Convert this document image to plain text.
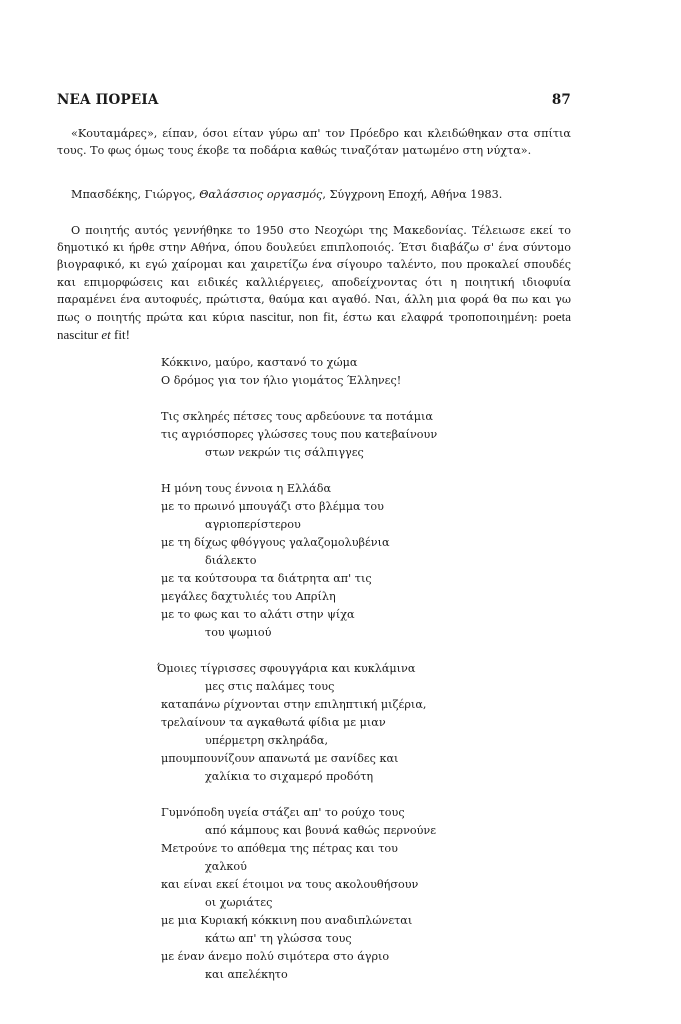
ΝΕΑ ΠΟΡΕΙΑ	87

«Κουταμάρες», είπαν, όσοι είταν γύρω απ' τον Πρόεδρο και κλειδώθηκαν στα σπίτια τους. Το φως όμως τους έκοβε τα ποδάρια καθώς τιναζόταν ματωμένο στη νύχτα».

Μπασδέκης, Γιώργος, Θαλάσσιος οργασμός, Σύγχρονη Εποχή, Αθήνα 1983.

Ο ποιητής αυτός γεννήθηκε το 1950 στο Νεοχώρι της Μακεδονίας. Τέλειωσε εκεί το δημοτικό κι ήρθε στην Αθήνα, όπου δουλεύει επιπλοποιός. Έτσι διαβάζω σ' ένα σύντομο βιογραφικό, κι εγώ χαίρομαι και χαιρετίζω ένα σίγουρο ταλέντο, που προκαλεί σπουδές και επιμορφώσεις και ειδικές καλλιέργειες, αποδείχνοντας ότι η ποιητική ιδιοφυία παραμένει ένα αυτοφυές, πρώτιστα, θαύμα και αγαθό. Ναι, άλλη μια φορά θα πω και γω πως ο ποιητής πρώτα και κύρια nascitur, non fit, έστω και ελαφρά τροποποιημένη: poeta nascitur et fit!

Κόκκινο, μαύρο, καστανό το χώμα
Ο δρόμος για τον ήλιο γιομάτος Έλληνες!
Τις σκληρές πέτσες τους αρδεύουνε τα ποτάμια
τις αγριόσπορες γλώσσες τους που κατεβαίνουν
στων νεκρών τις σάλπιγγες
Η μόνη τους έννοια η Ελλάδα
με το πρωινό μπουγάζι στο βλέμμα του
αγριοπερίστερου
με τη δίχως φθόγγους γαλαζομολυβένια
διάλεκτο
με τα κούτσουρα τα διάτρητα απ' τις
μεγάλες δαχτυλιές του Απρίλη
με το φως και το αλάτι στην ψίχα
του ψωμιού
Όμοιες τίγρισσες σφουγγάρια και κυκλάμινα
μες στις παλάμες τους
καταπάνω ρίχνονται στην επιληπτική μιζέρια,
τρελαίνουν τα αγκαθωτά φίδια με μιαν
υπέρμετρη σκληράδα,
μπουμπουνίζουν απανωτά με σανίδες και
χαλίκια το σιχαμερό προδότη
Γυμνόποδη υγεία στάζει απ' το ρούχο τους
από κάμπους και βουνά καθώς περνούνε
Μετρούνε το απόθεμα της πέτρας και του
χαλκού
και είναι εκεί έτοιμοι να τους ακολουθήσουν
οι χωριάτες
με μια Κυριακή κόκκινη που αναδιπλώνεται
κάτω απ' τη γλώσσα τους
με έναν άνεμο πολύ σιμότερα στο άγριο
και απελέκητο
